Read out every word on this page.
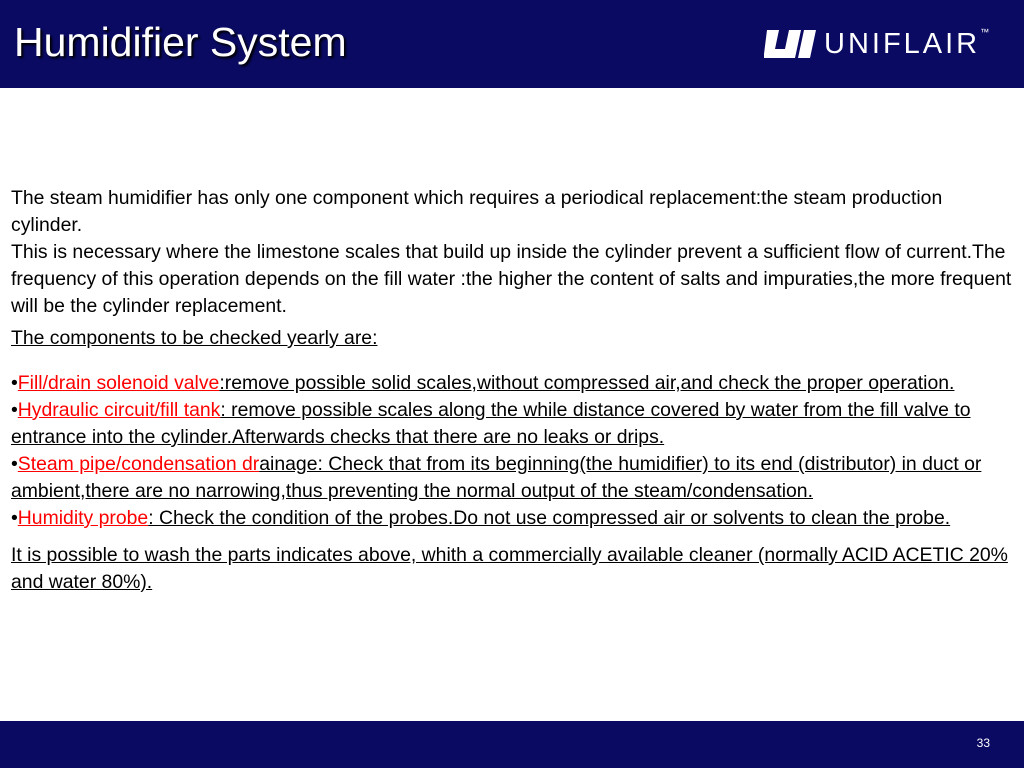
Humidifier System	UNIFLAIR ™

The steam humidifier has only one component which requires a periodical replacement:the steam production cylinder.

This is necessary where the limestone scales that build up inside the cylinder prevent a sufficient flow of current.The frequency of this operation depends on the fill water :the higher the content of salts and impuraties,the more frequent will be the cylinder replacement.

The components to be checked yearly are:

•Fill/drain solenoid valve:remove possible solid scales,without compressed air,and check the proper operation.

•Hydraulic circuit/fill tank: remove possible scales along the while distance covered by water from the fill valve to entrance into the cylinder.Afterwards checks that there are no leaks or drips.

•Steam pipe/condensation drainage: Check that from its beginning(the humidifier) to its end (distributor) in duct or ambient,there are no narrowing,thus preventing the normal output of the steam/condensation.

•Humidity probe: Check the condition of the probes.Do not use compressed air or solvents to clean the probe.

It is possible to wash the parts indicates above, whith a commercially available cleaner (normally ACID ACETIC 20% and water 80%).

33
